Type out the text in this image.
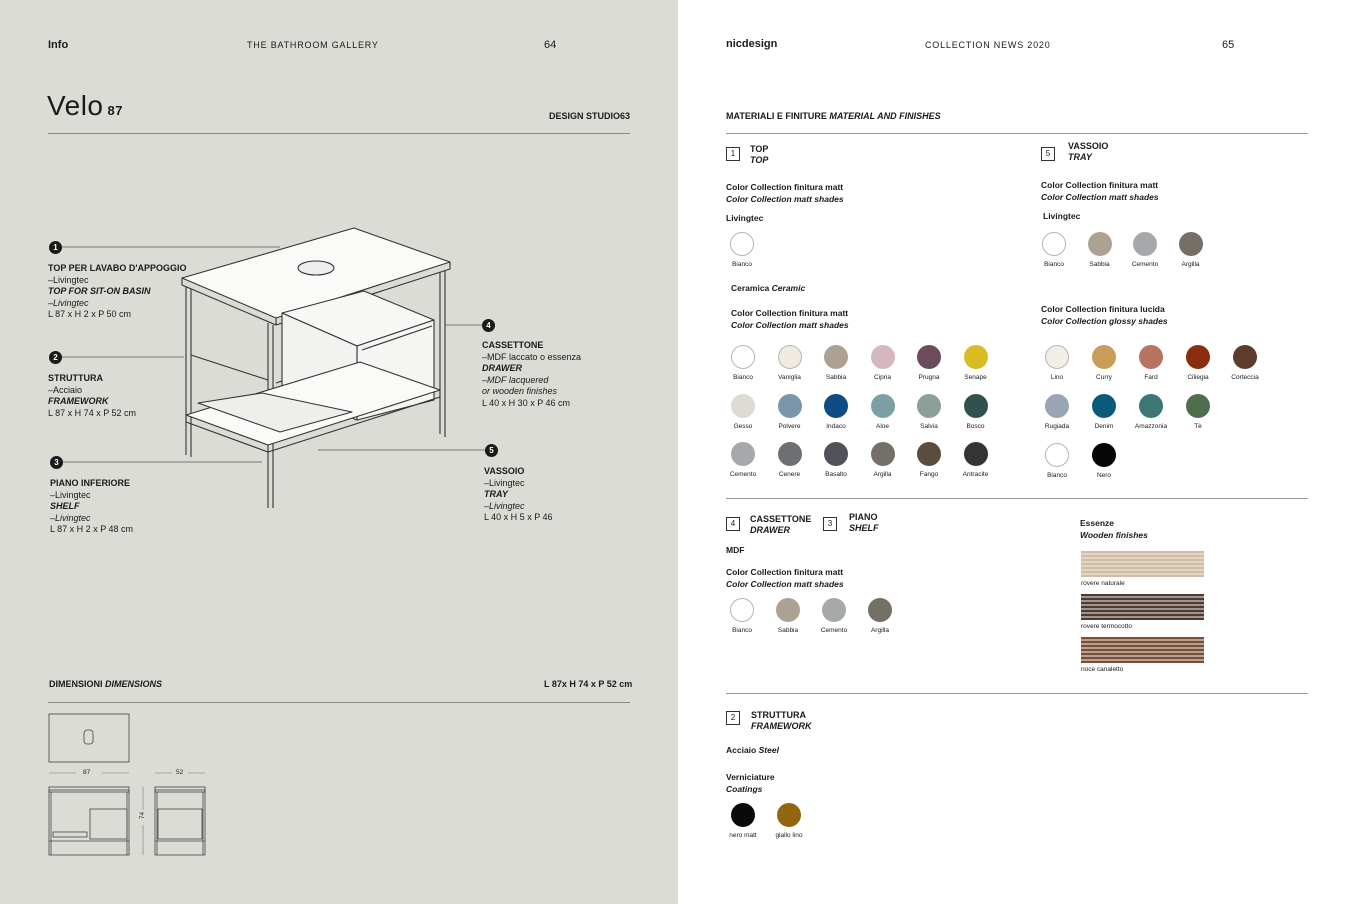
Info	THE BATHROOM GALLERY	64
Velo 87	DESIGN STUDIO63
1
TOP PER LAVABO D'APPOGGIO
–Livingtec
TOP FOR SIT-ON BASIN
–Livingtec
L 87 x H 2 x P 50 cm
2
STRUTTURA
–Acciaio
FRAMEWORK
L 87 x H 74 x P 52 cm
3
PIANO INFERIORE
–Livingtec
SHELF
–Livingtec
L 87 x H 2 x P 48 cm
4
CASSETTONE
–MDF laccato o essenza
DRAWER
–MDF lacquered
or wooden finishes
L 40 x H 30 x P 46 cm
5
VASSOIO
–Livingtec
TRAY
–Livingtec
L 40 x H 5 x P 46
DIMENSIONI DIMENSIONS	L 87x H 74 x P 52 cm
87	52
74
nicdesign	COLLECTION NEWS 2020	65
MATERIALI E FINITURE MATERIAL AND FINISHES
1	TOP
TOP
Color Collection finitura matt
Color Collection matt shades
Livingtec
Bianco
Ceramica Ceramic
Color Collection finitura matt
Color Collection matt shades
Bianco	Vaniglia	Sabbia	Cipria	Prugna	Senape
Gesso	Polvere	Indaco	Aloe	Salvia	Bosco
Cemento	Cenere	Basalto	Argilla	Fango	Antracite
5
VASSOIO
TRAY
Color Collection finitura matt
Color Collection matt shades
Livingtec
Bianco	Sabbia	Cemento	Argilla
Color Collection finitura lucida
Color Collection glossy shades
Lino	Curry	Fard	Ciliegia	Corteccia
Rugiada	Denim	Amazzonia	Tè
Bianco	Nero
4	CASSETTONE
DRAWER
3
PIANO
SHELF
MDF
Color Collection finitura matt
Color Collection matt shades
Bianco	Sabbia	Cemento	Argilla
Essenze
Wooden finishes
rovere naturale
rovere termocotto
noce canaletto
2	STRUTTURA
FRAMEWORK
Acciaio Steel
Verniciature
Coatings
nero matt	giallo lino
